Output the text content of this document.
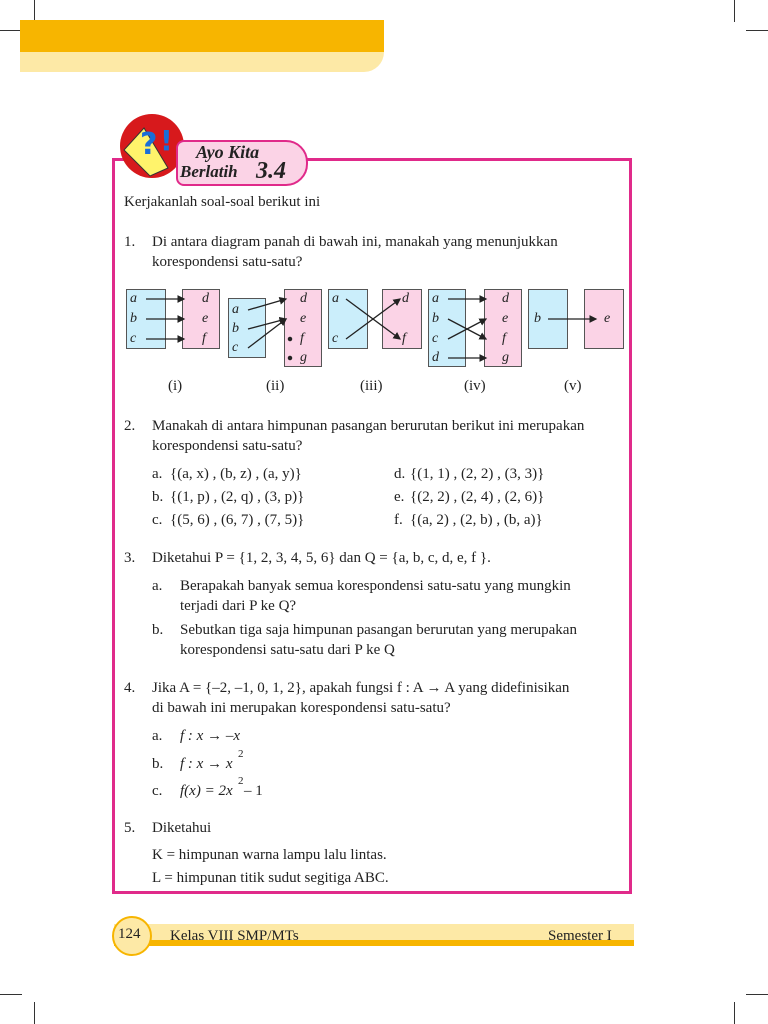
? ! Ayo Kita
Berlatih 3.4
Kerjakanlah soal-soal berikut ini
1. Di antara diagram panah di bawah ini, manakah yang menunjukkan
korespondensi satu-satu?
a
b
c
d
e
f
a
b
c
d
e
f
g
a
c
d
f
a
b
c
d
d
e
f
g
b	e
(i)	(ii)	(iii)	(iv)	(v)
2. Manakah di antara himpunan pasangan berurutan berikut ini merupakan
korespondensi satu-satu?
a. {(a, x) , (b, z) , (a, y)}
b. {(1, p) , (2, q) , (3, p)}
c. {(5, 6) , (6, 7) , (7, 5)}
d. {(1, 1) , (2, 2) , (3, 3)}
e. {(2, 2) , (2, 4) , (2, 6)}
f. {(a, 2) , (2, b) , (b, a)}
3. Diketahui P = {1, 2, 3, 4, 5, 6} dan Q = {a, b, c, d, e, f }.
a. Berapakah banyak semua korespondensi satu-satu yang mungkin
terjadi dari P ke Q?
b. Sebutkan tiga saja himpunan pasangan berurutan yang merupakan
korespondensi satu-satu dari P ke Q
4. Jika A = {–2, –1, 0, 1, 2}, apakah fungsi f : A → A yang didefinisikan
di bawah ini merupakan korespondensi satu-satu?
a. f : x → –x
b. f : x → x
2
c. f(x) = 2x
2
– 1
5. Diketahui
K = himpunan warna lampu lalu lintas.
L = himpunan titik sudut segitiga ABC.
124 Kelas VIII SMP/MTs	Semester I
